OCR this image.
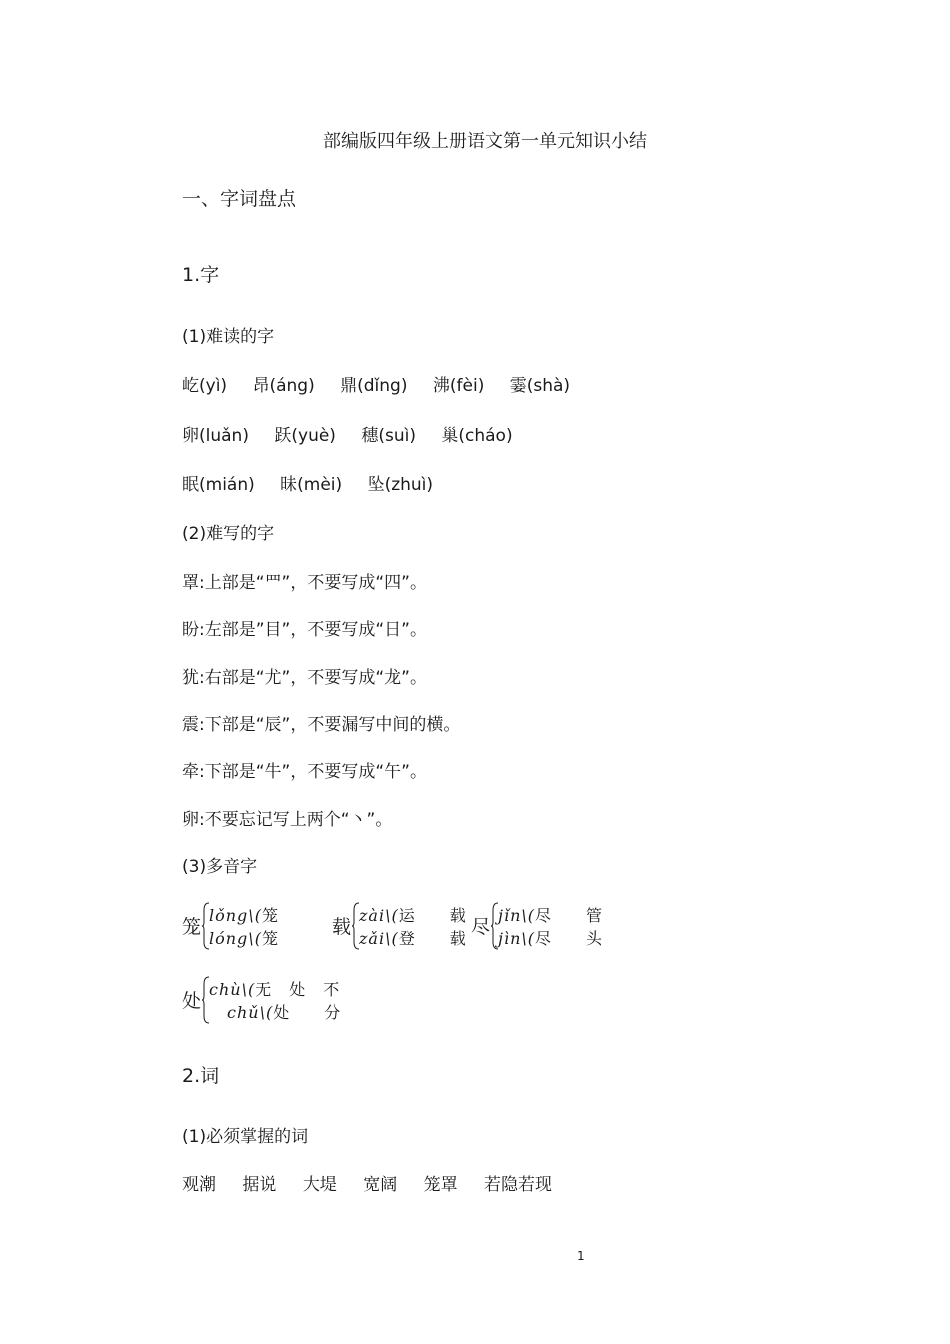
部编版四年级上册语文第一单元知识小结
一、字词盘点
1.字
(1)难读的字
屹(yì) 昂(áng) 鼎(dǐng) 沸(fèi) 霎(shà)
卵(luǎn) 跃(yuè) 穗(suì) 巢(cháo)
眠(mián) 昧(mèi) 坠(zhuì)
(2)难写的字
罩:上部是“罒”，不要写成“四”。
盼:左部是”目”，不要写成“日”。
犹:右部是“尤”，不要写成“龙”。
震:下部是“辰”，不要漏写中间的横。
牵:下部是“牛”，不要写成“午”。
卵:不要忘记写上两个“丶”。
(3)多音字
笼
lǒng\(笼
lóng\(笼
载
zài\(运　　载
zǎi\(登　　载
尽
jǐn\(尽　　管
jìn\(尽　　头
处
chù\(无　处　不
chǔ\(处　　分
2.词
(1)必须掌握的词
观潮 据说 大堤 宽阔 笼罩 若隐若现
1
